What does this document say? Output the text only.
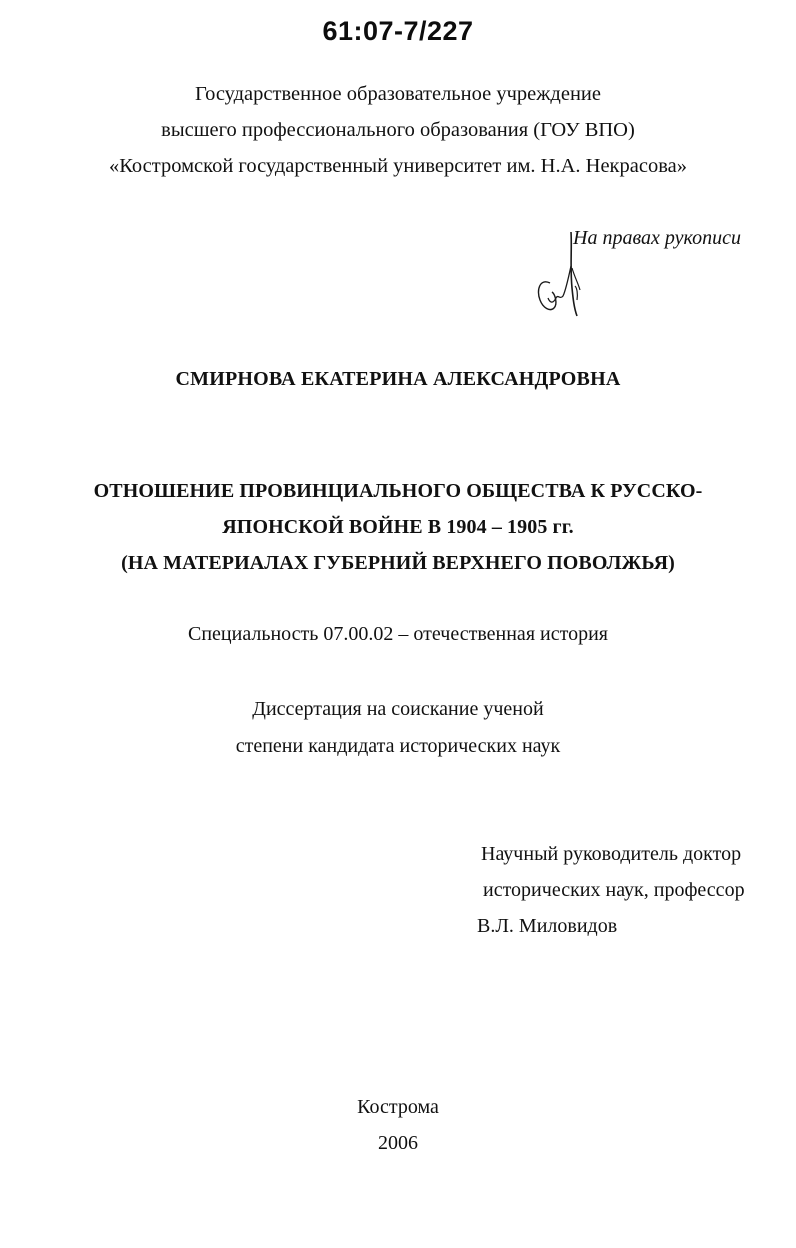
61:07-7/227
Государственное образовательное учреждение
высшего профессионального образования (ГОУ ВПО)
«Костромской государственный университет им. Н.А. Некрасова»
На правах рукописи
СМИРНОВА ЕКАТЕРИНА АЛЕКСАНДРОВНА
ОТНОШЕНИЕ ПРОВИНЦИАЛЬНОГО ОБЩЕСТВА К РУССКО-
ЯПОНСКОЙ ВОЙНЕ В 1904 – 1905 гг.
(НА МАТЕРИАЛАХ ГУБЕРНИЙ ВЕРХНЕГО ПОВОЛЖЬЯ)
Специальность 07.00.02 – отечественная история
Диссертация на соискание ученой
степени кандидата исторических наук
Научный руководитель доктор
исторических наук, профессор
В.Л. Миловидов
Кострома
2006
